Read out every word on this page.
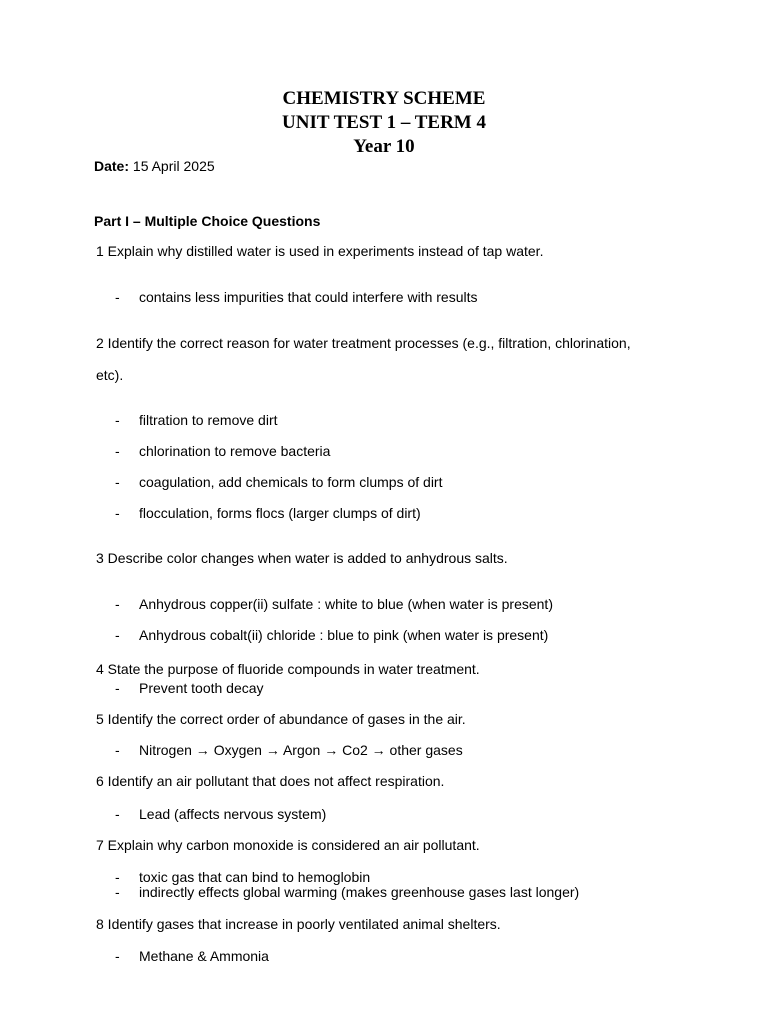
CHEMISTRY SCHEME
UNIT TEST 1 – TERM 4
Year 10
Date: 15 April 2025
Part I – Multiple Choice Questions
1 Explain why distilled water is used in experiments instead of tap water.
- contains less impurities that could interfere with results
2 Identify the correct reason for water treatment processes (e.g., filtration, chlorination,
etc).
- filtration to remove dirt
- chlorination to remove bacteria
- coagulation, add chemicals to form clumps of dirt
- flocculation, forms flocs (larger clumps of dirt)
3 Describe color changes when water is added to anhydrous salts.
- Anhydrous copper(ii) sulfate : white to blue (when water is present)
- Anhydrous cobalt(ii) chloride : blue to pink (when water is present)
4 State the purpose of fluoride compounds in water treatment.
- Prevent tooth decay
5 Identify the correct order of abundance of gases in the air.
- Nitrogen → Oxygen → Argon → Co2 → other gases
6 Identify an air pollutant that does not affect respiration.
- Lead (affects nervous system)
7 Explain why carbon monoxide is considered an air pollutant.
- toxic gas that can bind to hemoglobin
- indirectly effects global warming (makes greenhouse gases last longer)
8 Identify gases that increase in poorly ventilated animal shelters.
- Methane & Ammonia
